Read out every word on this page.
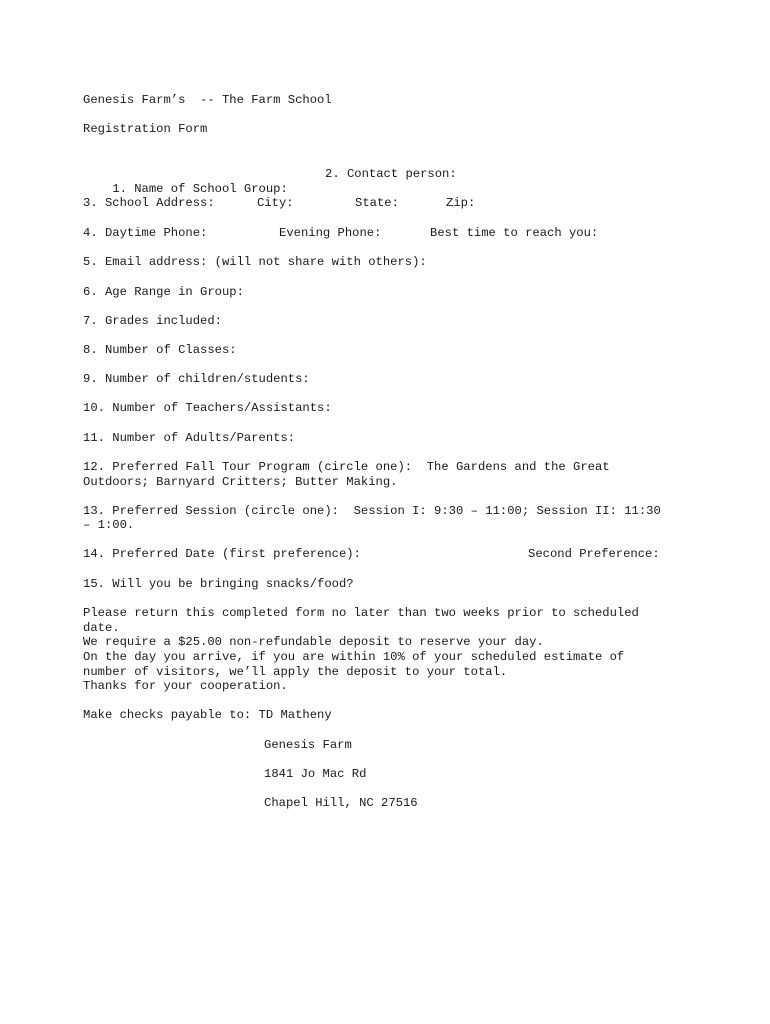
Genesis Farm’s  -- The Farm School
Registration Form

1. Name of School Group:

2. Contact person:
3. School Address:	City:	State:	Zip:
4. Daytime Phone:	Evening Phone:	Best time to reach you:
5. Email address: (will not share with others):
6. Age Range in Group:
7. Grades included:
8. Number of Classes:
9. Number of children/students:
10. Number of Teachers/Assistants:
11. Number of Adults/Parents:
12. Preferred Fall Tour Program (circle one):  The Gardens and the Great
Outdoors; Barnyard Critters; Butter Making.
13. Preferred Session (circle one):  Session I: 9:30 – 11:00; Session II: 11:30
– 1:00.
14. Preferred Date (first preference):	Second Preference:
15. Will you be bringing snacks/food?
Please return this completed form no later than two weeks prior to scheduled
date.
We require a $25.00 non-refundable deposit to reserve your day.
On the day you arrive, if you are within 10% of your scheduled estimate of
number of visitors, we’ll apply the deposit to your total.
Thanks for your cooperation.
Make checks payable to: TD Matheny
Genesis Farm
1841 Jo Mac Rd
Chapel Hill, NC 27516
